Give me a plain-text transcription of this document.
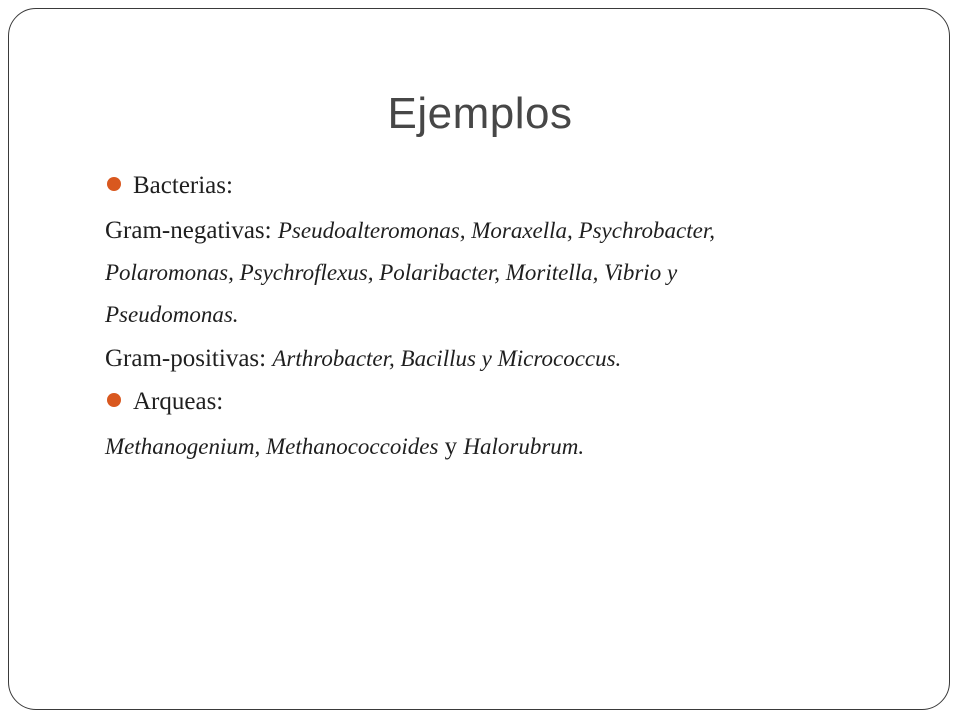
Ejemplos
Bacterias:
Gram-negativas: Pseudoalteromonas, Moraxella, Psychrobacter,
Polaromonas, Psychroflexus, Polaribacter, Moritella, Vibrio y
Pseudomonas.
Gram-positivas: Arthrobacter, Bacillus y Micrococcus.
Arqueas:
Methanogenium, Methanococcoides y Halorubrum.
